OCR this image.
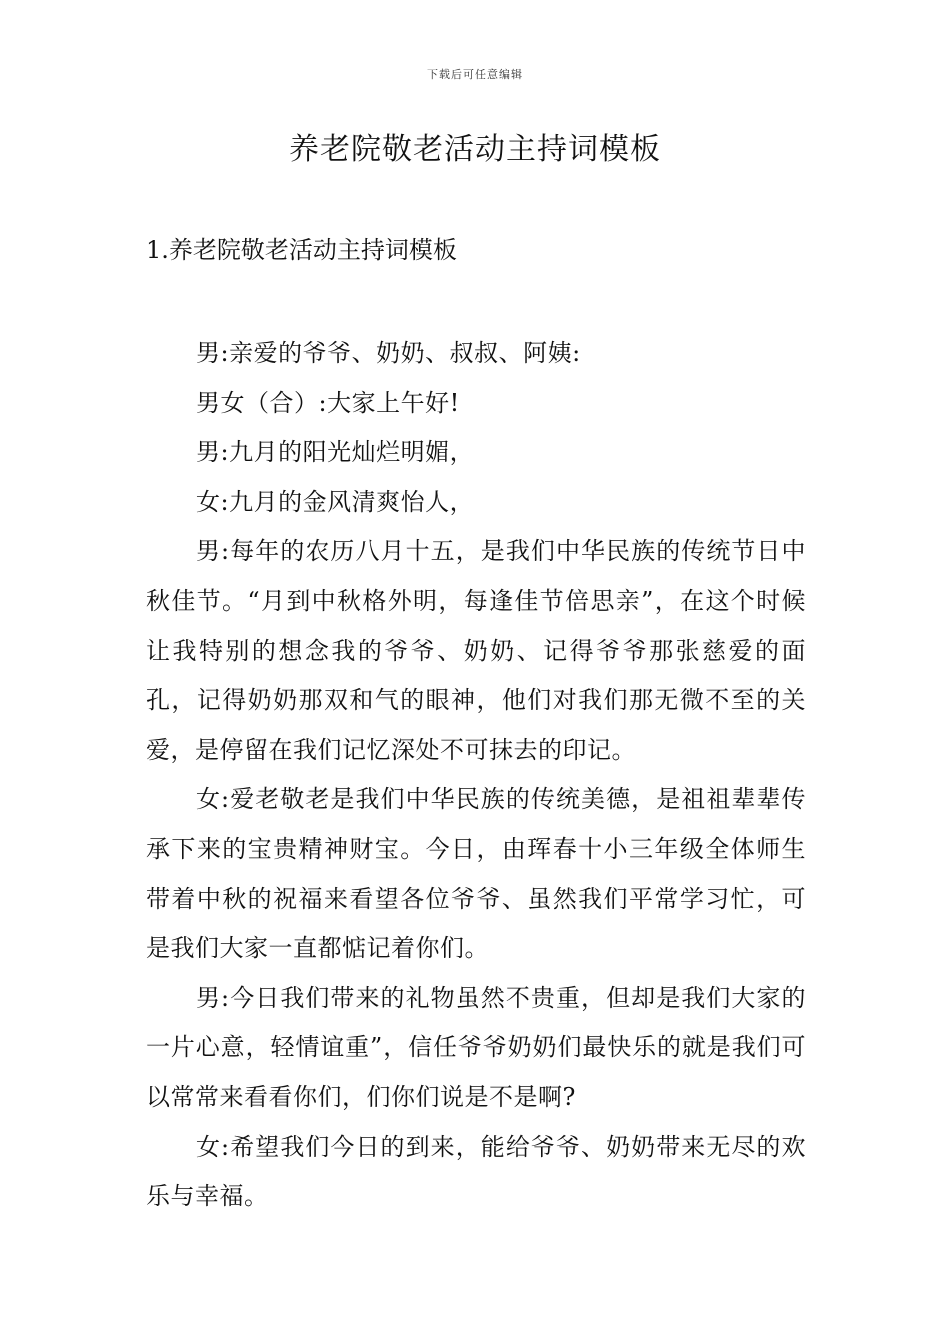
下载后可任意编辑
养老院敬老活动主持词模板
1.养老院敬老活动主持词模板

男:亲爱的爷爷、奶奶、叔叔、阿姨:

男女（合）:大家上午好!

男:九月的阳光灿烂明媚，

女:九月的金风清爽怡人，

男:每年的农历八月十五，是我们中华民族的传统节日中秋佳节。“月到中秋格外明，每逢佳节倍思亲”，在这个时候让我特别的想念我的爷爷、奶奶、记得爷爷那张慈爱的面孔，记得奶奶那双和气的眼神，他们对我们那无微不至的关爱，是停留在我们记忆深处不可抹去的印记。

女:爱老敬老是我们中华民族的传统美德，是祖祖辈辈传承下来的宝贵精神财宝。今日，由珲春十小三年级全体师生带着中秋的祝福来看望各位爷爷、虽然我们平常学习忙，可是我们大家一直都惦记着你们。

男:今日我们带来的礼物虽然不贵重，但却是我们大家的一片心意，轻情谊重”，信任爷爷奶奶们最快乐的就是我们可以常常来看看你们，们你们说是不是啊?

女:希望我们今日的到来，能给爷爷、奶奶带来无尽的欢乐与幸福。
